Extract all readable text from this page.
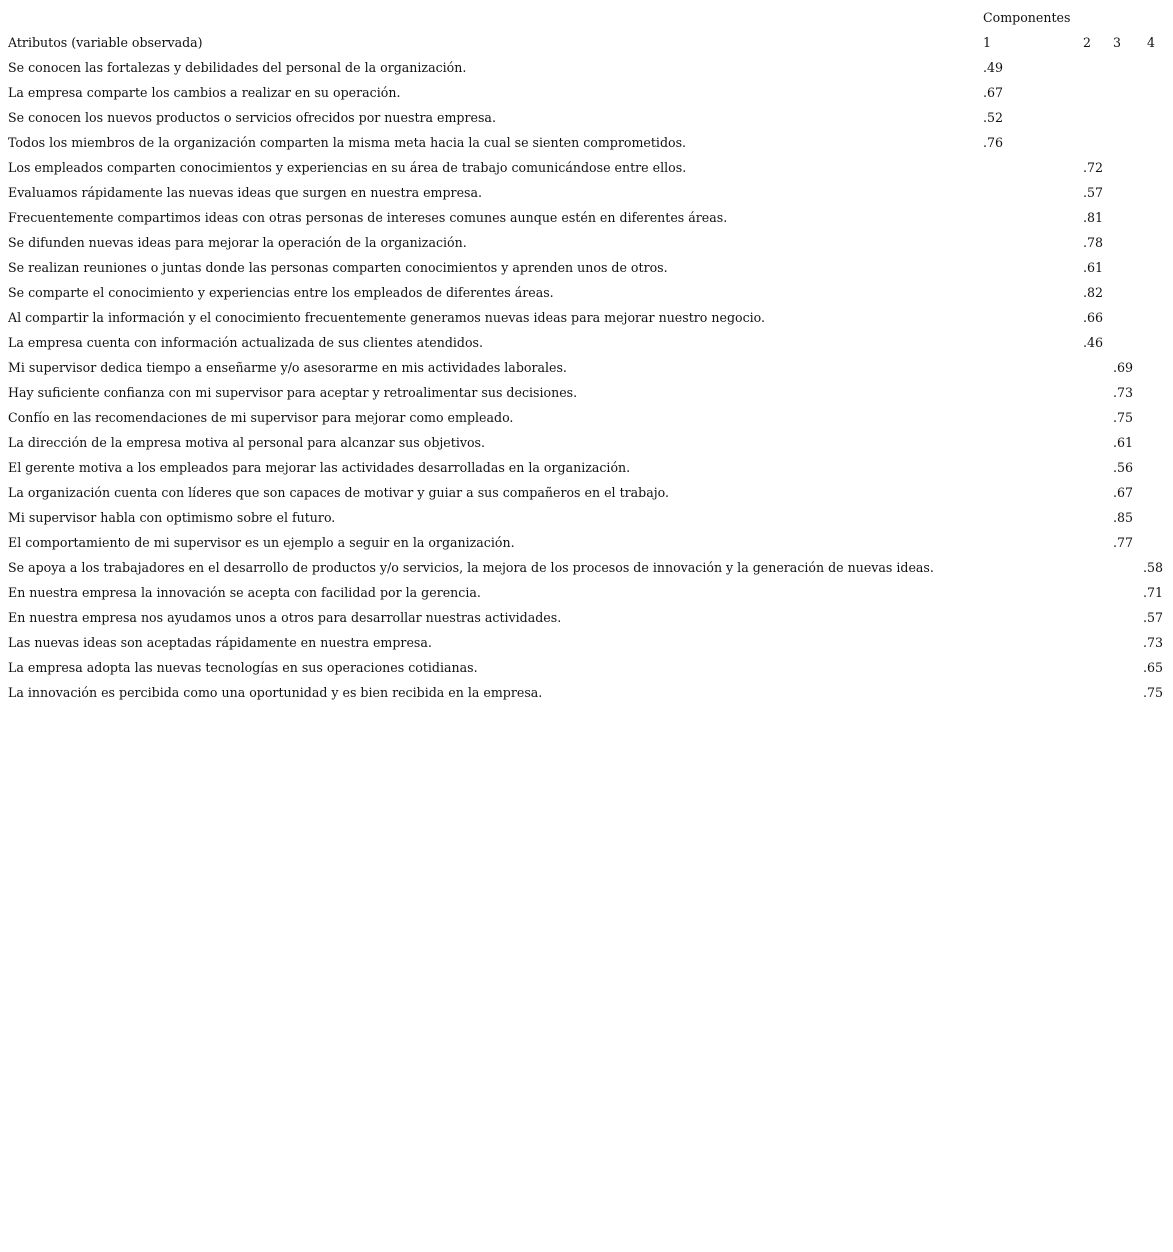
	Componentes			
Atributos (variable observada)	1	2	3	4
Se conocen las fortalezas y debilidades del personal de la organización.	.49			
La empresa comparte los cambios a realizar en su operación.	.67			
Se conocen los nuevos productos o servicios ofrecidos por nuestra empresa.	.52			
Todos los miembros de la organización comparten la misma meta hacia la cual se sienten comprometidos.	.76			
Los empleados comparten conocimientos y experiencias en su área de trabajo comunicándose entre ellos.		.72		
Evaluamos rápidamente las nuevas ideas que surgen en nuestra empresa.		.57		
Frecuentemente compartimos ideas con otras personas de intereses comunes aunque estén en diferentes áreas.		.81		
Se difunden nuevas ideas para mejorar la operación de la organización.		.78		
Se realizan reuniones o juntas donde las personas comparten conocimientos y aprenden unos de otros.		.61		
Se comparte el conocimiento y experiencias entre los empleados de diferentes áreas.		.82		
Al compartir la información y el conocimiento frecuentemente generamos nuevas ideas para mejorar nuestro negocio.		.66		
La empresa cuenta con información actualizada de sus clientes atendidos.		.46		
Mi supervisor dedica tiempo a enseñarme y/o asesorarme en mis actividades laborales.			.69	
Hay suficiente confianza con mi supervisor para aceptar y retroalimentar sus decisiones.			.73	
Confío en las recomendaciones de mi supervisor para mejorar como empleado.			.75	
La dirección de la empresa motiva al personal para alcanzar sus objetivos.			.61	
El gerente motiva a los empleados para mejorar las actividades desarrolladas en la organización.			.56	
La organización cuenta con líderes que son capaces de motivar y guiar a sus compañeros en el trabajo.			.67	
Mi supervisor habla con optimismo sobre el futuro.			.85	
El comportamiento de mi supervisor es un ejemplo a seguir en la organización.			.77	
Se apoya a los trabajadores en el desarrollo de productos y/o servicios, la mejora de los procesos de innovación y la generación de nuevas ideas.				.58
En nuestra empresa la innovación se acepta con facilidad por la gerencia.				.71
En nuestra empresa nos ayudamos unos a otros para desarrollar nuestras actividades.				.57
Las nuevas ideas son aceptadas rápidamente en nuestra empresa.				.73
La empresa adopta las nuevas tecnologías en sus operaciones cotidianas.				.65
La innovación es percibida como una oportunidad y es bien recibida en la empresa.				.75
